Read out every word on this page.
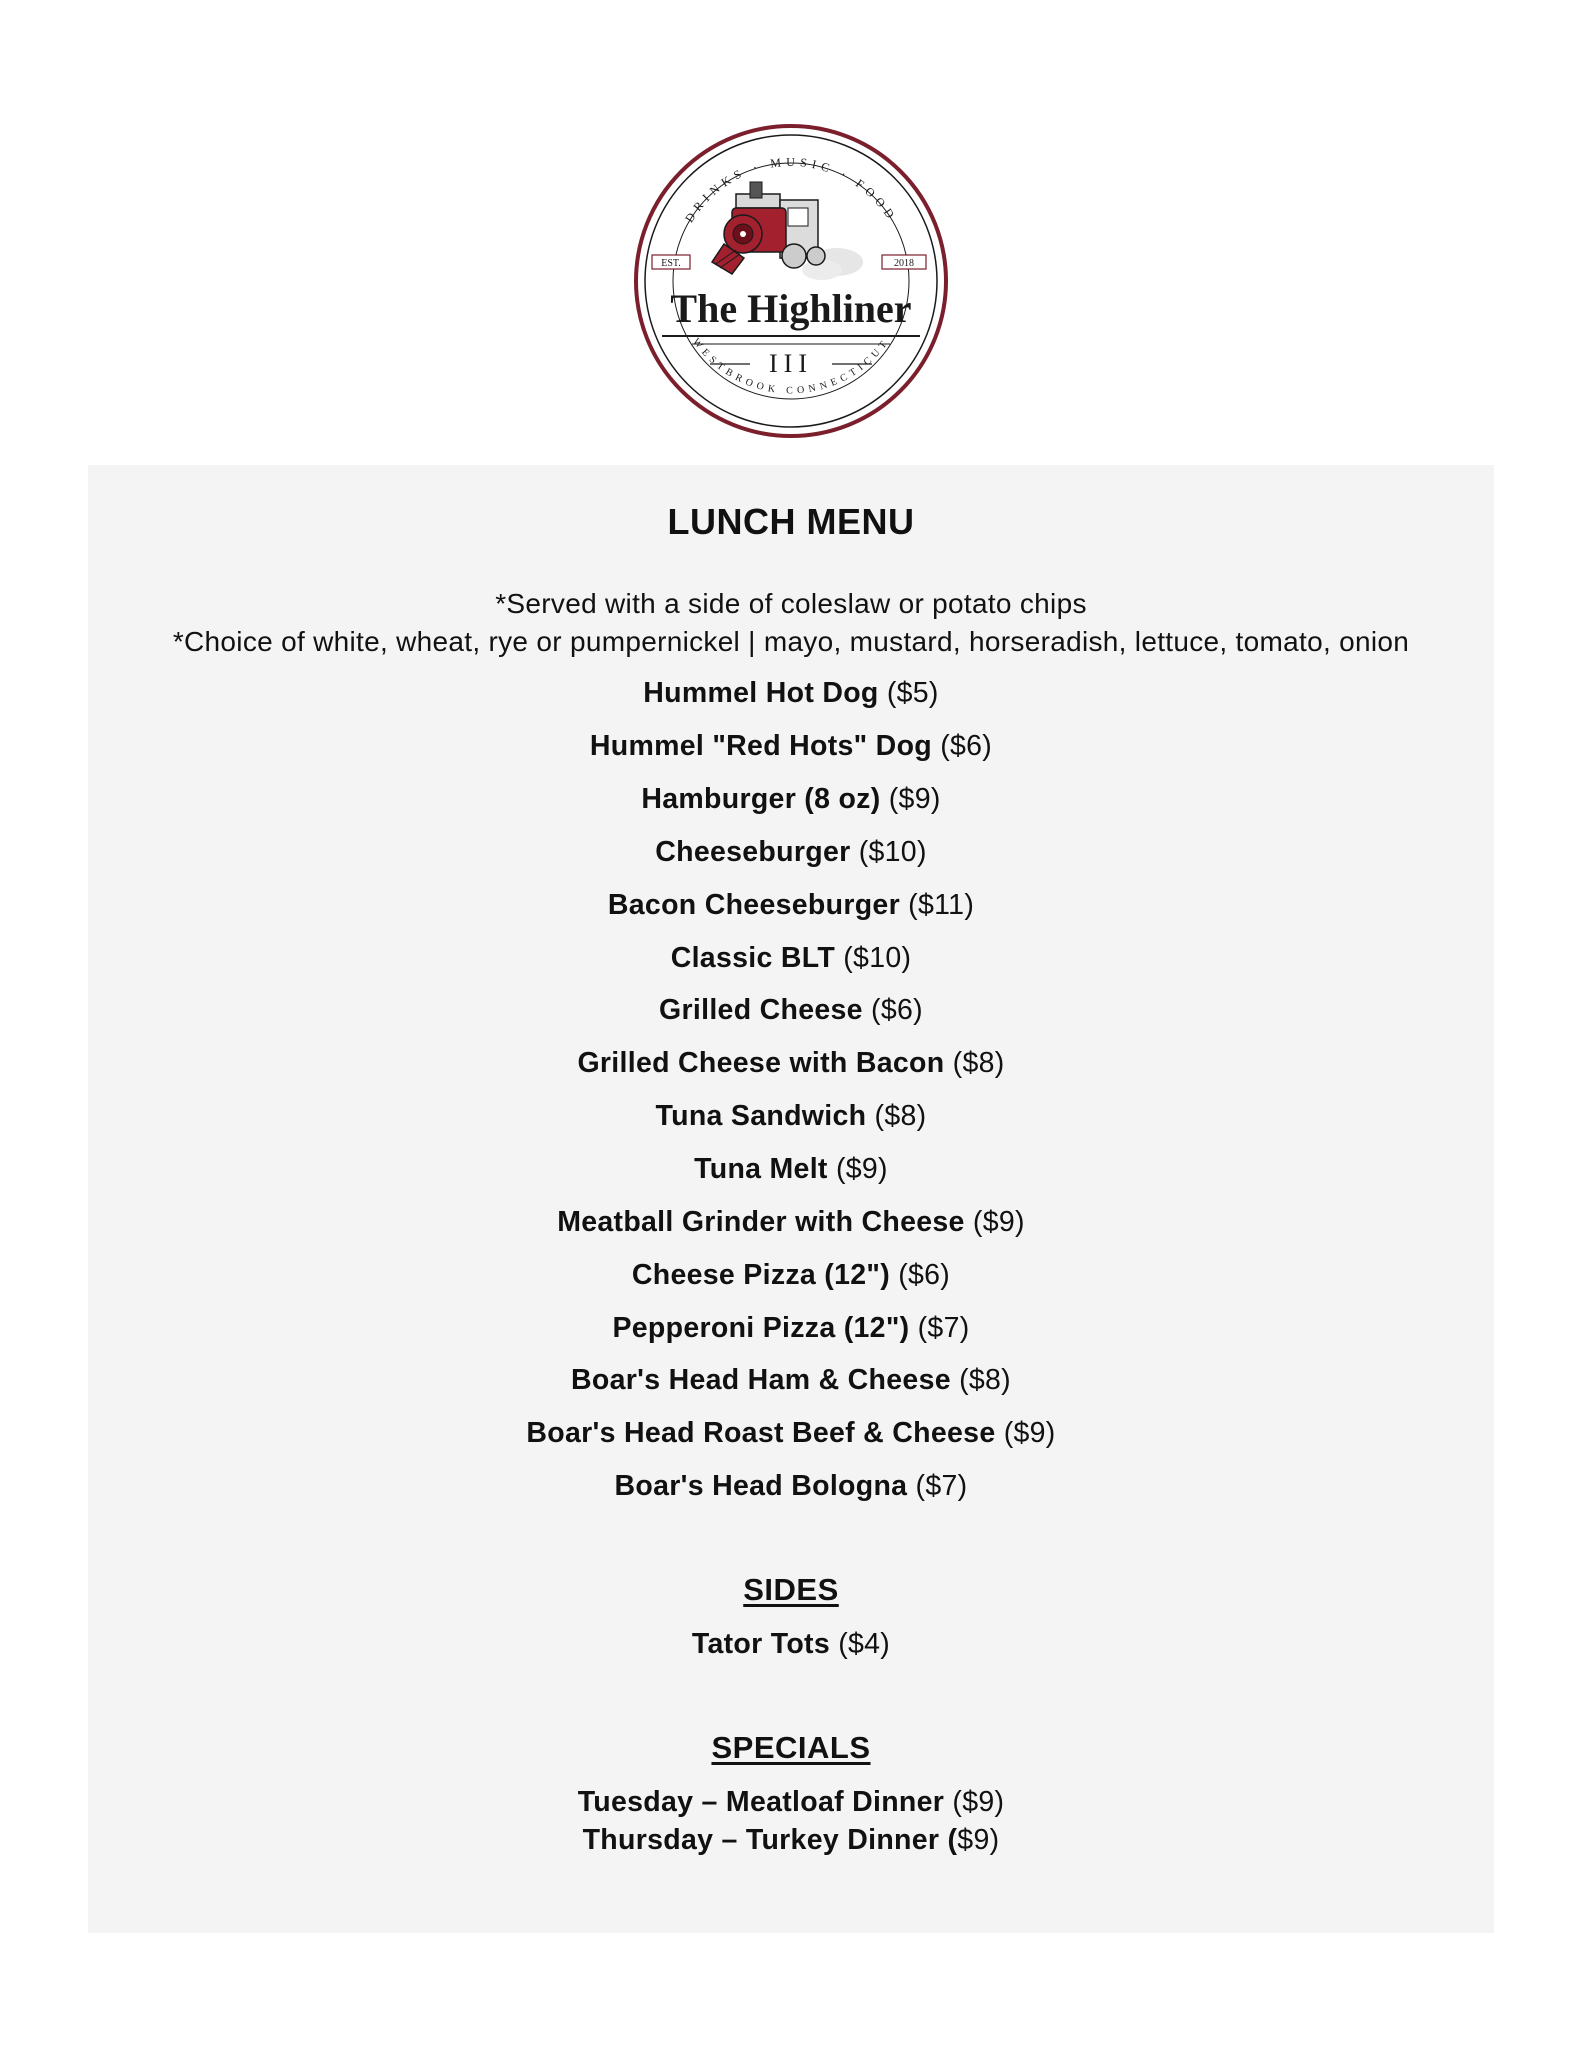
DRINKS · MUSIC · FOOD
WESTBROOK CONNECTICUT
EST.	2018
The Highliner
III
LUNCH MENU
*Served with a side of coleslaw or potato chips
*Choice of white, wheat, rye or pumpernickel | mayo, mustard, horseradish, lettuce, tomato, onion
Hummel Hot Dog ($5)
Hummel "Red Hots" Dog ($6)
Hamburger (8 oz) ($9)
Cheeseburger ($10)
Bacon Cheeseburger ($11)
Classic BLT ($10)
Grilled Cheese ($6)
Grilled Cheese with Bacon ($8)
Tuna Sandwich ($8)
Tuna Melt ($9)
Meatball Grinder with Cheese ($9)
Cheese Pizza (12") ($6)
Pepperoni Pizza (12") ($7)
Boar's Head Ham & Cheese ($8)
Boar's Head Roast Beef & Cheese ($9)
Boar's Head Bologna ($7)
SIDES
Tator Tots ($4)
SPECIALS
Tuesday – Meatloaf Dinner ($9)
Thursday – Turkey Dinner ($9)
